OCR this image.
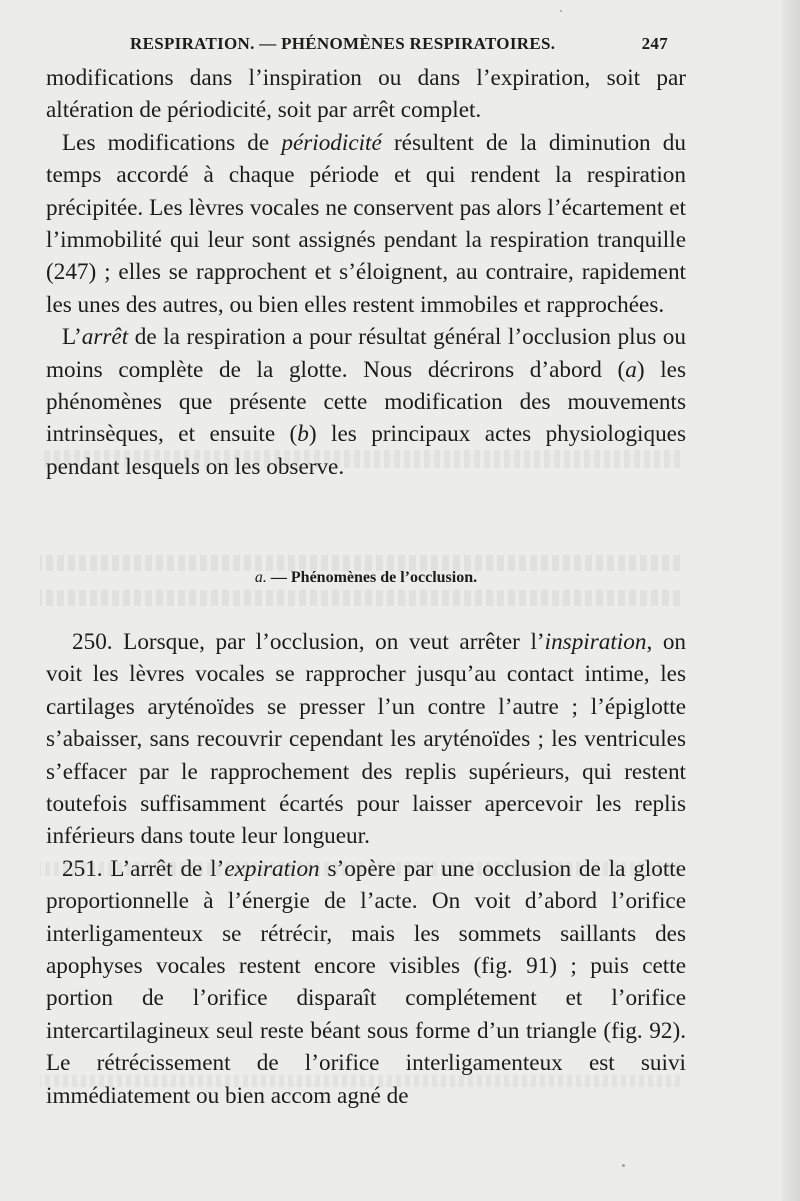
RESPIRATION. — PHÉNOMÈNES RESPIRATOIRES.	247

modifications dans l’inspiration ou dans l’expiration, soit par altération de périodicité, soit par arrêt complet.

Les modifications de périodicité résultent de la diminution du temps accordé à chaque période et qui rendent la respiration précipitée. Les lèvres vocales ne conservent pas alors l’écartement et l’immobilité qui leur sont assignés pendant la respiration tranquille (247) ; elles se rapprochent et s’éloignent, au contraire, rapidement les unes des autres, ou bien elles restent immobiles et rapprochées.

L’arrêt de la respiration a pour résultat général l’occlusion plus ou moins complète de la glotte. Nous décrirons d’abord (a) les phénomènes que présente cette modification des mouvements intrinsèques, et ensuite (b) les principaux actes physiologiques pendant lesquels on les observe.

a. — Phénomènes de l’occlusion.

250. Lorsque, par l’occlusion, on veut arrêter l’inspiration, on voit les lèvres vocales se rapprocher jusqu’au contact intime, les cartilages aryténoïdes se presser l’un contre l’autre ; l’épiglotte s’abaisser, sans recouvrir cependant les aryténoïdes ; les ventricules s’effacer par le rapprochement des replis supérieurs, qui restent toutefois suffisamment écartés pour laisser apercevoir les replis inférieurs dans toute leur longueur.

251. L’arrêt de l’expiration s’opère par une occlusion de la glotte proportionnelle à l’énergie de l’acte. On voit d’abord l’orifice interligamenteux se rétrécir, mais les sommets saillants des apophyses vocales restent encore visibles (fig. 91) ; puis cette portion de l’orifice disparaît complétement et l’orifice intercartilagineux seul reste béant sous forme d’un triangle (fig. 92). Le rétrécissement de l’orifice interligamenteux est suivi immédiatement ou bien accom agné de
